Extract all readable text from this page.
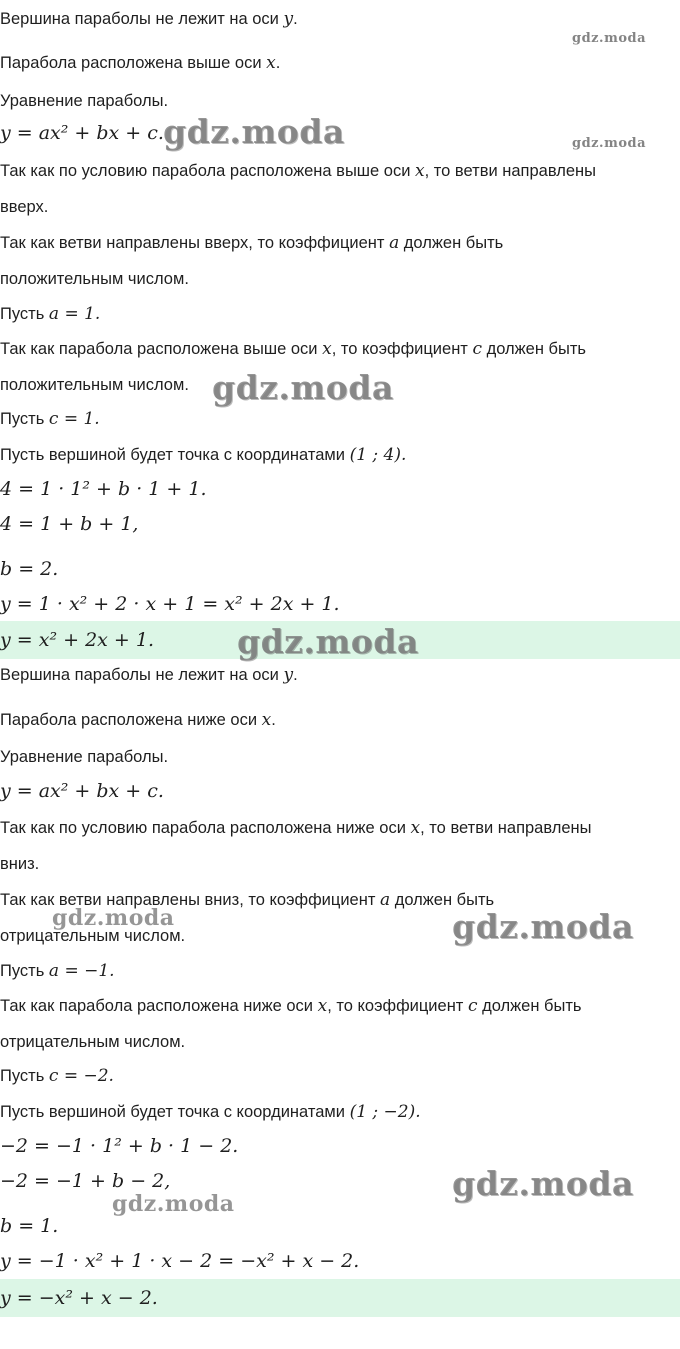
Вершина параболы не лежит на оси y.
Парабола расположена выше оси x.
Уравнение параболы.
y = ax² + bx + c.
Так как по условию парабола расположена выше оси x, то ветви направлены
вверх.
Так как ветви направлены вверх, то коэффициент a должен быть
положительным числом.
Пусть a = 1.
Так как парабола расположена выше оси x, то коэффициент c должен быть
положительным числом.
Пусть c = 1.
Пусть вершиной будет точка с координатами (1 ; 4).
4 = 1 · 1² + b · 1 + 1.
4 = 1 + b + 1,
b = 2.
y = 1 · x² + 2 · x + 1 = x² + 2x + 1.
y = x² + 2x + 1.
Вершина параболы не лежит на оси y.
Парабола расположена ниже оси x.
Уравнение параболы.
y = ax² + bx + c.
Так как по условию парабола расположена ниже оси x, то ветви направлены
вниз.
Так как ветви направлены вниз, то коэффициент a должен быть
отрицательным числом.
Пусть a = −1.
Так как парабола расположена ниже оси x, то коэффициент c должен быть
отрицательным числом.
Пусть c = −2.
Пусть вершиной будет точка с координатами (1 ; −2).
−2 = −1 · 1² + b · 1 − 2.
−2 = −1 + b − 2,
b = 1.
y = −1 · x² + 1 · x − 2 = −x² + x − 2.
y = −x² + x − 2.
gdz.moda
gdz.moda	gdz.moda
gdz.moda
gdz.moda
gdz.moda	gdz.moda
gdz.moda
gdz.moda
